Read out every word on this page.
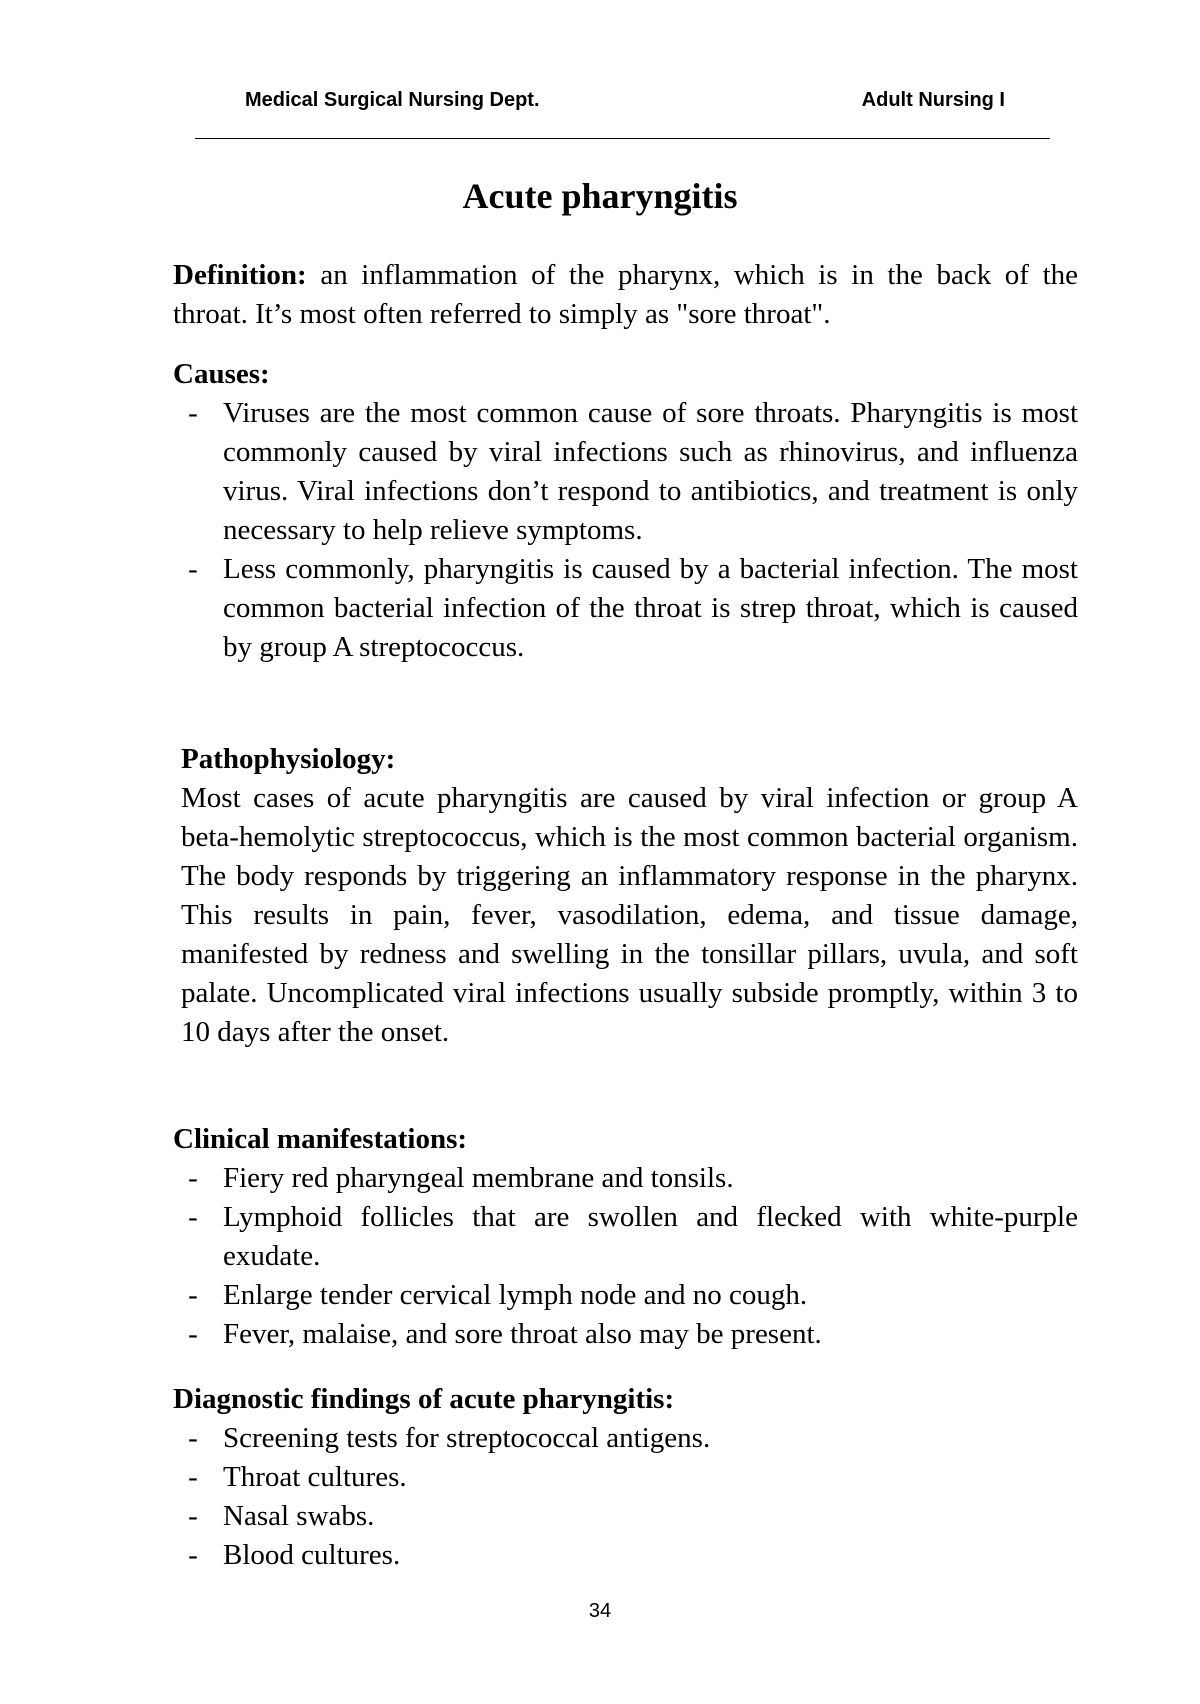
Medical Surgical Nursing Dept.	Adult Nursing I
Acute pharyngitis

Definition: an inflammation of the pharynx, which is in the back of the throat. It’s most often referred to simply as "sore throat".

Causes:

- Viruses are the most common cause of sore throats. Pharyngitis is most commonly caused by viral infections such as rhinovirus, and influenza virus. Viral infections don’t respond to antibiotics, and treatment is only necessary to help relieve symptoms.
- Less commonly, pharyngitis is caused by a bacterial infection. The most common bacterial infection of the throat is strep throat, which is caused by group A streptococcus.

Pathophysiology:

Most cases of acute pharyngitis are caused by viral infection or group A beta-hemolytic streptococcus, which is the most common bacterial organism. The body responds by triggering an inflammatory response in the pharynx. This results in pain, fever, vasodilation, edema, and tissue damage, manifested by redness and swelling in the tonsillar pillars, uvula, and soft palate. Uncomplicated viral infections usually subside promptly, within 3 to 10 days after the onset.

Clinical manifestations:

- Fiery red pharyngeal membrane and tonsils.
- Lymphoid follicles that are swollen and flecked with white-purple exudate.
- Enlarge tender cervical lymph node and no cough.
- Fever, malaise, and sore throat also may be present.

Diagnostic findings of acute pharyngitis:

- Screening tests for streptococcal antigens.
- Throat cultures.
- Nasal swabs.
- Blood cultures.
34
